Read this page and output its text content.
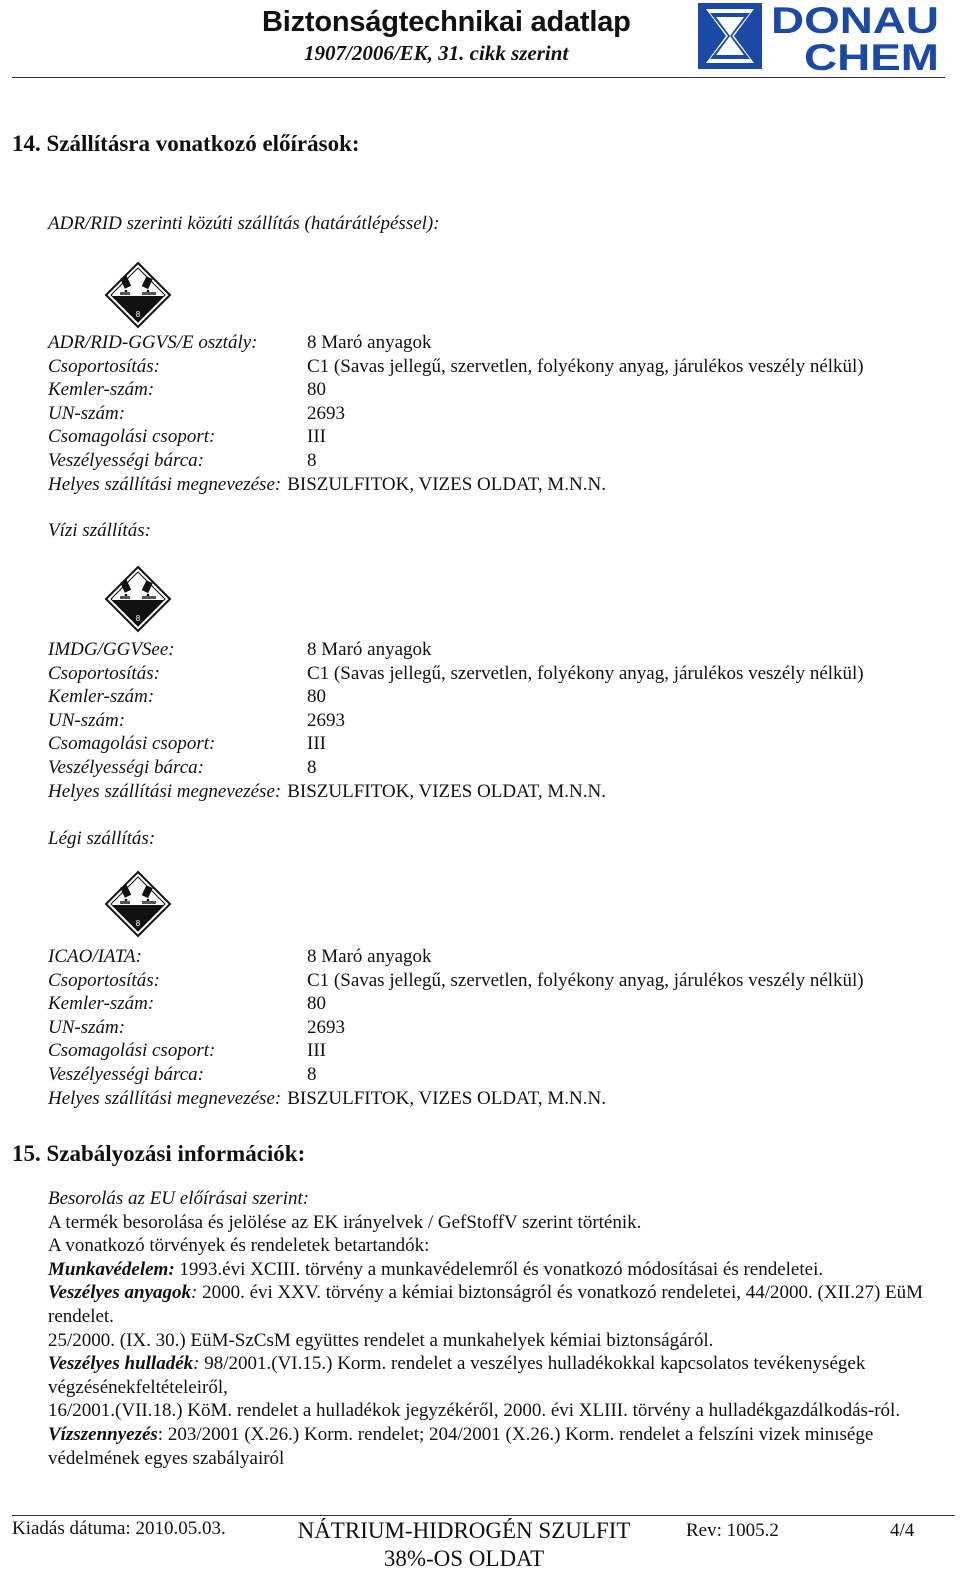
Biztonságtechnikai adatlap
1907/2006/EK, 31. cikk szerint
DONAU
CHEM
14. Szállításra vonatkozó előírások:
ADR/RID szerinti közúti szállítás (határátlépéssel):
8
ADR/RID-GGVS/E osztály:	8 Maró anyagok
Csoportosítás:	C1 (Savas jellegű, szervetlen, folyékony anyag, járulékos veszély nélkül)
Kemler-szám:	80
UN-szám:	2693
Csomagolási csoport:	III
Veszélyességi bárca:	8
Helyes szállítási megnevezése: BISZULFITOK, VIZES OLDAT, M.N.N.
Vízi szállítás:
8
IMDG/GGVSee:	8 Maró anyagok
Csoportosítás:	C1 (Savas jellegű, szervetlen, folyékony anyag, járulékos veszély nélkül)
Kemler-szám:	80
UN-szám:	2693
Csomagolási csoport:	III
Veszélyességi bárca:	8
Helyes szállítási megnevezése: BISZULFITOK, VIZES OLDAT, M.N.N.
Légi szállítás:
8
ICAO/IATA:	8 Maró anyagok
Csoportosítás:	C1 (Savas jellegű, szervetlen, folyékony anyag, járulékos veszély nélkül)
Kemler-szám:	80
UN-szám:	2693
Csomagolási csoport:	III
Veszélyességi bárca:	8
Helyes szállítási megnevezése: BISZULFITOK, VIZES OLDAT, M.N.N.
15. Szabályozási információk:

Besorolás az EU előírásai szerint:

A termék besorolása és jelölése az EK irányelvek / GefStoffV szerint történik.

A vonatkozó törvények és rendeletek betartandók:

Munkavédelem: 1993.évi XCIII. törvény a munkavédelemről és vonatkozó módosításai és rendeletei.

Veszélyes anyagok: 2000. évi XXV. törvény a kémiai biztonságról és vonatkozó rendeletei, 44/2000. (XII.27) EüM rendelet.

25/2000. (IX. 30.) EüM-SzCsM együttes rendelet a munkahelyek kémiai biztonságáról.

Veszélyes hulladék: 98/2001.(VI.15.) Korm. rendelet a veszélyes hulladékokkal kapcsolatos tevékenységek végzésénekfeltételeiről,

16/2001.(VII.18.) KöM. rendelet a hulladékok jegyzékéről, 2000. évi XLIII. törvény a hulladékgazdálkodás-ról.

Vízszennyezés: 203/2001 (X.26.) Korm. rendelet; 204/2001 (X.26.) Korm. rendelet a felszíni vizek minısége védelmének egyes szabályairól

Kiadás dátuma: 2010.05.03.	NÁTRIUM-HIDROGÉN SZULFIT 38%-OS OLDAT
Rev: 1005.2	4/4
